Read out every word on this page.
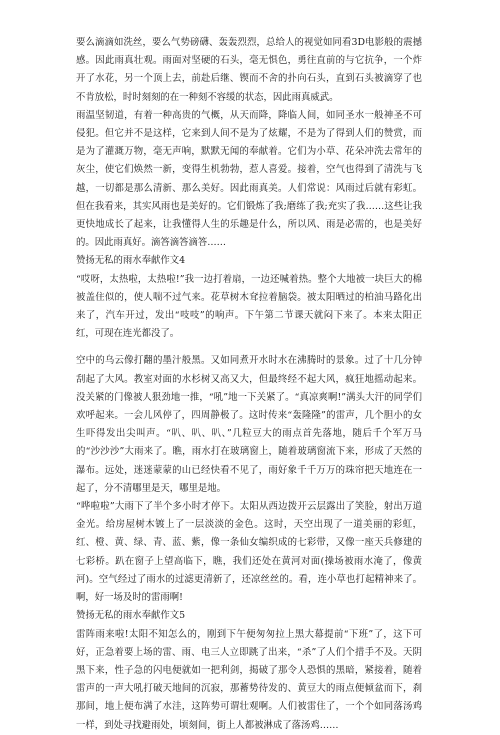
要么滴滴如洗丝，要么气势磅礴、轰轰烈烈，总给人的视觉如同看3D电影般的震撼感。因此雨真壮观。雨面对坚硬的石头，毫无惧色，勇往直前的与它抗争，一个炸开了水花，另一个顶上去，前赴后继、锲而不舍的扑向石头，直到石头被滴穿了也不肯放松，时时刻刻的在一种刻不容缓的状态，因此雨真威武。

雨温坚韧道，有着一种高贵的气概，从天而降，降临人间，如同圣水一般神圣不可侵犯。但它并不是这样，它来到人间不是为了炫耀，不是为了得到人们的赞赏，而是为了灌溉万物，毫无声响，默默无闻的奉献着。它们为小草、花朵冲洗去常年的灰尘，使它们焕然一新，变得生机勃勃，惹人喜爱。接着，空气也得到了清洗与飞越，一切都是那么清新、那么美好。因此雨真美。人们常说：风雨过后就有彩虹。但在我看来，其实风雨也是美好的。它们锻炼了我;磨练了我;充实了我……这些让我更快地成长了起来，让我懂得人生的乐趣是什么，所以风、雨是必需的，也是美好的。因此雨真好。滴答滴答滴答……

赞扬无私的雨水奉献作文4

“哎呀，太热啦，太热啦!”我一边打着扇，一边还喊着热。整个大地被一块巨大的棉被盖住似的，使人喘不过气来。花草树木耷拉着脑袋。被太阳晒过的柏油马路化出来了，汽车开过，发出“吱吱”的响声。下午第二节课天就闷下来了。本来太阳正红，可现在连光都没了。

空中的乌云像打翻的墨汁般黑。又如同煮开水时水在沸腾时的景象。过了十几分钟刮起了大风。教室对面的水杉树又高又大，但最终经不起大风，疯狂地摇动起来。没关紧的门像被人狠劲地一推，“吼”地一下关紧了。“真凉爽啊!”满头大汗的同学们欢呼起来。一会儿风停了，四周静极了。这时传来“轰隆隆”的雷声，几个胆小的女生吓得发出尖叫声。“叭、叭、叭、”几粒豆大的雨点首先落地，随后千个军万马的“沙沙沙”大雨来了。瞧，雨水打在玻璃窗上，随着玻璃窗流下来，形成了天然的瀑布。远处，迷迷蒙蒙的山已经快看不见了，雨好象千千万万的珠帘把天地连在一起了，分不清哪里是天，哪里是地。

“哗啦啦”大雨下了半个多小时才停下。太阳从西边拨开云层露出了笑脸，射出万道金光。给房屋树木镀上了一层淡淡的金色。这时，天空出现了一道美丽的彩虹，红、橙、黄、绿、青、蓝、紫，像一条仙女编织成的七彩带，又像一座天兵修建的七彩桥。趴在窗子上望高临下，瞧，我们还处在黄河对面(操场被雨水淹了，像黄河)。空气经过了雨水的过滤更清新了，还凉丝丝的。看，连小草也打起精神来了。啊，好一场及时的雷雨啊!

赞扬无私的雨水奉献作文5

雷阵雨来啦!太阳不知怎么的，刚到下午便匆匆拉上黑大幕提前“下班”了，这下可好，正急着要上场的雷、雨、电三人立即跳了出来，“杀”了人们个措手不及。天阴黑下来，性子急的闪电便就如一把利剑，揭破了那令人恐惧的黑暗，紧接着，随着雷声的一声大吼打破天地间的沉寂，那蓄势待发的、黄豆大的雨点便倾盆而下，刹那间，地上便布满了水洼，这阵势可谓壮观啊。人们被雷住了，一个个如同落汤鸡一样，到处寻找避雨处，顷刻间，街上人都被淋成了落汤鸡……
